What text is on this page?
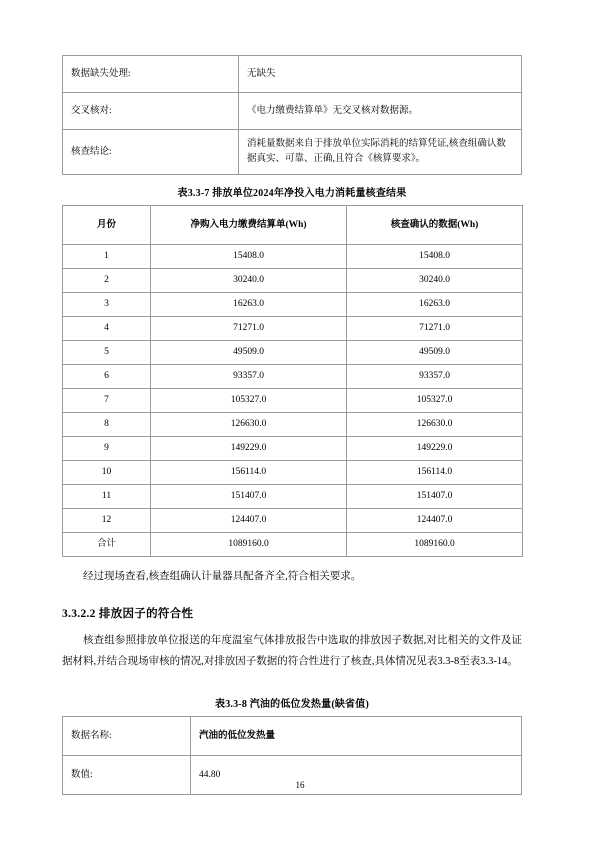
数据缺失处理:	无缺失
交叉核对:	《电力缴费结算单》无交叉核对数据源。
核查结论:	消耗量数据来自于排放单位实际消耗的结算凭证,核查组确认数据真实、可靠、正确,且符合《核算要求》。
表3.3-7 排放单位2024年净投入电力消耗量核查结果
月份	净购入电力缴费结算单(Wh)	核查确认的数据(Wh)
1	15408.0	15408.0
2	30240.0	30240.0
3	16263.0	16263.0
4	71271.0	71271.0
5	49509.0	49509.0
6	93357.0	93357.0
7	105327.0	105327.0
8	126630.0	126630.0
9	149229.0	149229.0
10	156114.0	156114.0
11	151407.0	151407.0
12	124407.0	124407.0
合计	1089160.0	1089160.0

经过现场查看,核查组确认计量器具配备齐全,符合相关要求。

3.3.2.2 排放因子的符合性

核查组参照排放单位报送的年度温室气体排放报告中选取的排放因子数据,对比相关的文件及证据材料,并结合现场审核的情况,对排放因子数据的符合性进行了核查,具体情况见表3.3-8至表3.3-14。

表3.3-8 汽油的低位发热量(缺省值)
数据名称:	汽油的低位发热量
数值:	44.80
16
